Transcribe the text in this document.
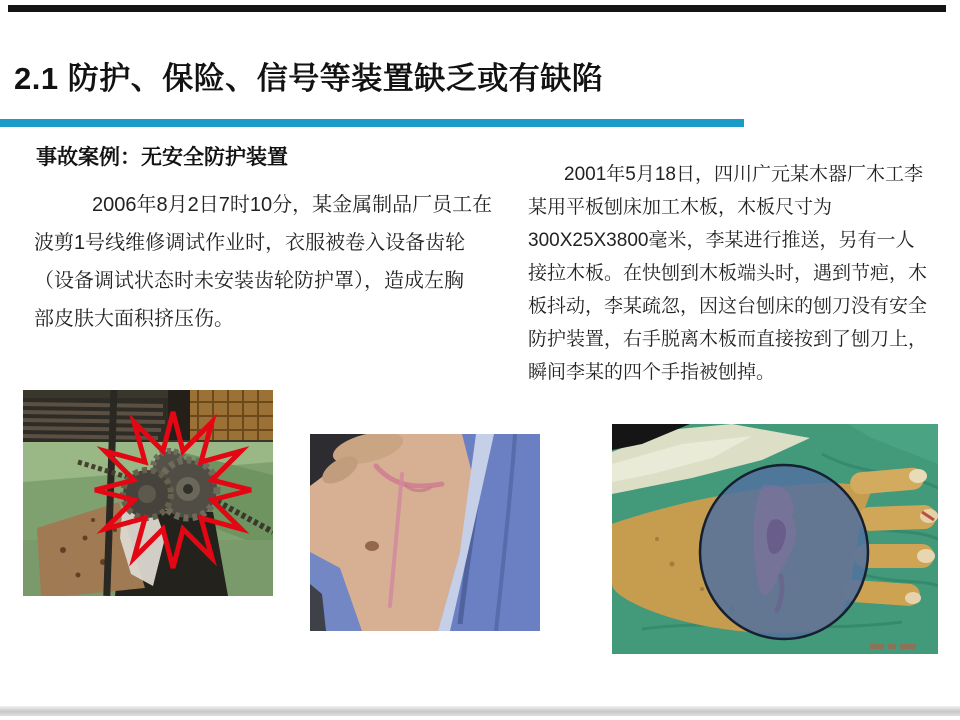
2.1 防护、保险、信号等装置缺乏或有缺陷
事故案例：无安全防护装置
2006年8月2日7时10分，某金属制品厂员工在
波剪1号线维修调试作业时，衣服被卷入设备齿轮
（设备调试状态时未安装齿轮防护罩），造成左胸
部皮肤大面积挤压伤。
2001年5月18日，四川广元某木器厂木工李
某用平板刨床加工木板，木板尺寸为
300X25X3800毫米，李某进行推送，另有一人
接拉木板。在快刨到木板端头时，遇到节疤，木
板抖动，李某疏忽，因这台刨床的刨刀没有安全
防护装置，右手脱离木板而直接按到了刨刀上，
瞬间李某的四个手指被刨掉。
